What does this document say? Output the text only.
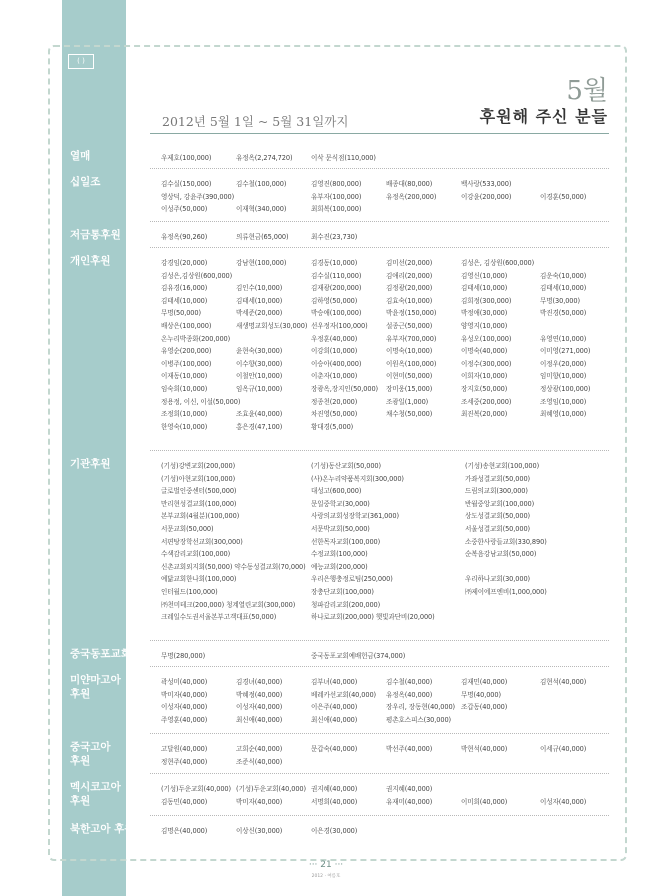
( )
5월
후원해 주신 분들
2012년 5월 1일 ~ 5월 31일까지
열매	우제호(100,000)	유정옥(2,274,720)	이삭 문식점(110,000)
십일조	김수실(150,000)	김수철(100,000)	김영진(800,000)	배종대(80,000)	백사랑(533,000)
영상덕, 강윤주(390,000)	유부자(100,000)	유정옥(200,000)	이강윤(200,000)	이경훈(50,000)
이성주(50,000)	이재혁(340,000)	최희복(100,000)
저금통후원	유정옥(90,260)	의류현금(65,000)	최수진(23,730)
개인후원	강경임(20,000)	강남현(100,000)	김경동(10,000)	김미선(20,000)	김성은, 김상원(600,000)
김성은,김상원(600,000)	김수실(110,000)	김애리(20,000)	김영신(10,000)	김운숙(10,000)
김유경(16,000)	김인수(10,000)	김재광(200,000)	김정광(20,000)	김태세(10,000)	김태세(10,000)
김태세(10,000)	김태세(10,000)	김하영(50,000)	김효숙(10,000)	김희정(300,000)	무명(30,000)
무명(50,000)	박세준(20,000)	박승애(100,000)	박윤정(150,000)	박정애(30,000)	박진경(50,000)
배상은(100,000)	새생명교회성도(30,000) 선우정자(100,000)	설종근(50,000)	양영지(10,000)
온누리박종화(200,000)	우정훈(40,000)	유부자(700,000)	유성오(100,000)	유영연(10,000)
유영순(200,000)	윤현숙(30,000)	이강희(10,000)	이명숙(10,000)	이명숙(40,000)	이미영(271,000)
이병주(100,000)	이수향(30,000)	이승아(400,000)	이원옥(100,000)	이정수(300,000)	이정우(20,000)
이재동(10,000)	이철안(10,000)	이춘자(10,000)	이현미(50,000)	이희자(10,000)	임미향(10,000)
임숙희(10,000)	임옥규(10,000)	장광옥,장지인(50,000) 장미웅(15,000)	장지호(50,000)	정상광(100,000)
정용정, 이신, 이설(50,000)	정종천(20,000)	조광일(1,000)	조세중(200,000)	조영임(10,000)
조정희(10,000)	조효윤(40,000)	차진영(50,000)	채수청(50,000)	최진복(20,000)	최혜영(10,000)
한영숙(10,000)	홍은경(47,100)	황대경(5,000)
기관후원	(기성)강변교회(200,000)	(기성)동산교회(50,000)	(기성)송현교회(100,000)
(기성)아현교회(100,000)	(사)온누리약품복지회(300,000)	가좌성결교회(50,000)
글로벌인중센터(500,000)	대성고(600,000)	드림의교회(300,000)
만리현성결교회(100,000)	문일중학교(30,000)	반월중앙교회(100,000)
본부교회(4월분)(100,000)	사랑의교회성장학교(361,000)	상도성결교회(50,000)
서문교회(50,000)	서문박교회(50,000)	서울성결교회(50,000)
서편탕장학선교회(300,000)	선한목자교회(100,000)	소중한사랑들교회(330,890)
수색감리교회(100,000)	수정교회(100,000)	순복음강남교회(50,000)
신촌교회외지회(50,000) 약수동성결교회(70,000) 예능교회(200,000)
예닮교회한나회(100,000)	우리은행충정로팀(250,000)	우리하나교회(30,000)
인터월드(100,000)	장충단교회(100,000)	㈜제이에프엔비(1,000,000)
㈜천미테크(200,000) 청계열린교회(300,000) 청파감리교회(200,000)
크레일수도권서울본부고객대표(50,000)	하나로교회(200,000) 햇빛과단비(20,000)
중국동포교회	무명(280,000)	중국동포교회예배헌금(374,000)
미얀마고아
후원
곽성미(40,000)	김경녀(40,000)	김부녀(40,000)	김수철(40,000)	김재민(40,000)	김현석(40,000)
박미자(40,000)	박혜정(40,000)	베레카선교회(40,000) 유정옥(40,000)	무명(40,000)
이성자(40,000)	이성자(40,000)	이은주(40,000)	장우리, 장동현(40,000) 조갑동(40,000)
주영훈(40,000)	최신애(40,000)	최신애(40,000)	평촌호스피스(30,000)
중국고아
후원
고달원(40,000)	고희순(40,000)	문갑숙(40,000)	박선주(40,000)	박현석(40,000)	이세규(40,000)
정현주(40,000)	조준식(40,000)
멕시코고아
후원
(기성)두운교회(40,000) (기성)두운교회(40,000) 권지혜(40,000)	권지혜(40,000)
김동민(40,000)	박미자(40,000)	서명희(40,000)	유재미(40,000)	이미희(40,000)	이성자(40,000)
북한고아 후원	김명은(40,000)	이상신(30,000)	이은경(30,000)
··· 21 ···
2012 · 여름호
